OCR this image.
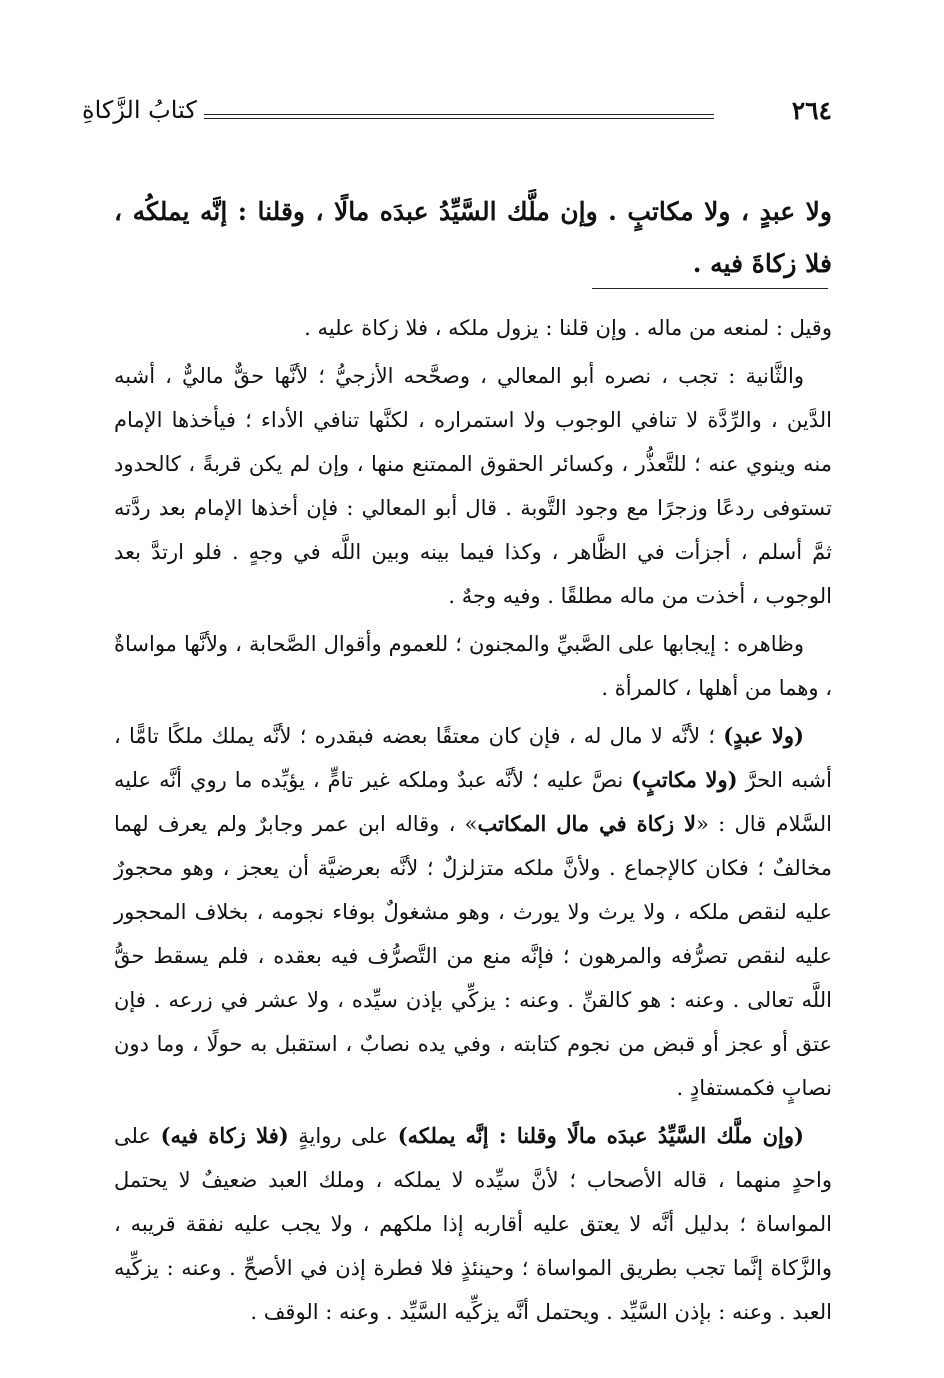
٢٦٤
كتابُ الزَّكاةِ
ولا عبدٍ ، ولا مكاتبٍ . وإن ملَّك السَّيِّدُ عبدَه مالًا ، وقلنا : إنَّه يملكُه ، فلا زكاةَ فيه .

وقيل : لمنعه من ماله . وإن قلنا : يزول ملكه ، فلا زكاة عليه .

والثَّانية : تجب ، نصره أبو المعالي ، وصحَّحه الأزجيُّ ؛ لأنَّها حقٌّ ماليٌّ ، أشبه الدَّين ، والرِّدَّة لا تنافي الوجوب ولا استمراره ، لكنَّها تنافي الأداء ؛ فيأخذها الإمام منه وينوي عنه ؛ للتَّعذُّر ، وكسائر الحقوق الممتنع منها ، وإن لم يكن قربةً ، كالحدود تستوفى ردعًا وزجرًا مع وجود التَّوبة . قال أبو المعالي : فإن أخذها الإمام بعد ردَّته ثمَّ أسلم ، أجزأت في الظَّاهر ، وكذا فيما بينه وبين اللَّه في وجهٍ . فلو ارتدَّ بعد الوجوب ، أخذت من ماله مطلقًا . وفيه وجهٌ .

وظاهره : إيجابها على الصَّبيِّ والمجنون ؛ للعموم وأقوال الصَّحابة ، ولأنَّها مواساةٌ ، وهما من أهلها ، كالمرأة .

(ولا عبدٍ) ؛ لأنَّه لا مال له ، فإن كان معتقًا بعضه فبقدره ؛ لأنَّه يملك ملكًا تامًّا ، أشبه الحرَّ (ولا مكاتبٍ) نصَّ عليه ؛ لأنَّه عبدٌ وملكه غير تامٍّ ، يؤيِّده ما روي أنَّه عليه السَّلام قال : «لا زكاة في مال المكاتب» ، وقاله ابن عمر وجابرٌ ولم يعرف لهما مخالفٌ ؛ فكان كالإجماع . ولأنَّ ملكه متزلزلٌ ؛ لأنَّه بعرضيَّة أن يعجز ، وهو محجورٌ عليه لنقص ملكه ، ولا يرث ولا يورث ، وهو مشغولٌ بوفاء نجومه ، بخلاف المحجور عليه لنقص تصرُّفه والمرهون ؛ فإنَّه منع من التَّصرُّف فيه بعقده ، فلم يسقط حقُّ اللَّه تعالى . وعنه : هو كالقنِّ . وعنه : يزكِّي بإذن سيِّده ، ولا عشر في زرعه . فإن عتق أو عجز أو قبض من نجوم كتابته ، وفي يده نصابٌ ، استقبل به حولًا ، وما دون نصابٍ فكمستفادٍ .

(وإن ملَّك السَّيِّدُ عبدَه مالًا وقلنا : إنَّه يملكه) على روايةٍ (فلا زكاة فيه) على واحدٍ منهما ، قاله الأصحاب ؛ لأنَّ سيِّده لا يملكه ، وملك العبد ضعيفٌ لا يحتمل المواساة ؛ بدليل أنَّه لا يعتق عليه أقاربه إذا ملكهم ، ولا يجب عليه نفقة قريبه ، والزَّكاة إنَّما تجب بطريق المواساة ؛ وحينئذٍ فلا فطرة إذن في الأصحِّ . وعنه : يزكِّيه العبد . وعنه : بإذن السَّيِّد . ويحتمل أنَّه يزكِّيه السَّيِّد . وعنه : الوقف .
